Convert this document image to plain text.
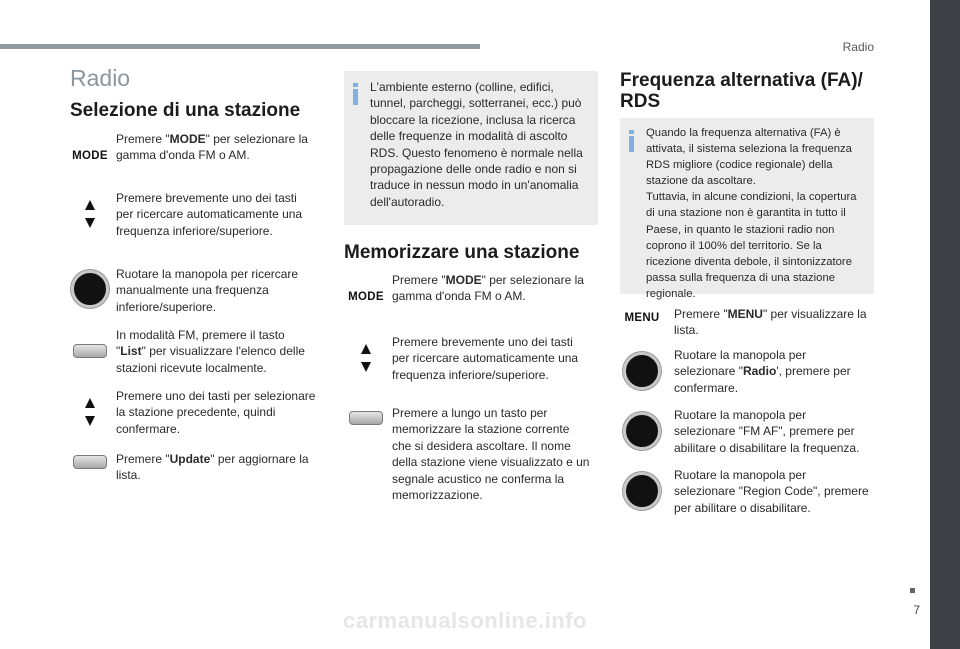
Radio
7
carmanualsonline.info
Radio
Selezione di una stazione
MODE
Premere "MODE" per selezionare la gamma d'onda FM o AM.
Premere brevemente uno dei tasti per ricercare automaticamente una frequenza inferiore/superiore.
Ruotare la manopola per ricercare manualmente una frequenza inferiore/superiore.
In modalità FM, premere il tasto "List" per visualizzare l'elenco delle stazioni ricevute localmente.
Premere uno dei tasti per selezionare la stazione precedente, quindi confermare.
Premere "Update" per aggiornare la lista.
L'ambiente esterno (colline, edifici, tunnel, parcheggi, sotterranei, ecc.) può bloccare la ricezione, inclusa la ricerca delle frequenze in modalità di ascolto RDS. Questo fenomeno è normale nella propagazione delle onde radio e non si traduce in nessun modo in un'anomalia dell'autoradio.
Memorizzare una stazione
MODE
Premere "MODE" per selezionare la gamma d'onda FM o AM.
Premere brevemente uno dei tasti per ricercare automaticamente una frequenza inferiore/superiore.
Premere a lungo un tasto per memorizzare la stazione corrente che si desidera ascoltare. Il nome della stazione viene visualizzato e un segnale acustico ne conferma la memorizzazione.
Frequenza alternativa (FA)/
RDS
Quando la frequenza alternativa (FA) è attivata, il sistema seleziona la frequenza RDS migliore (codice regionale) della stazione da ascoltare.
Tuttavia, in alcune condizioni, la copertura di una stazione non è garantita in tutto il Paese, in quanto le stazioni radio non coprono il 100% del territorio. Se la ricezione diventa debole, il sintonizzatore passa sulla frequenza di una stazione regionale.
MENU Premere "MENU" per visualizzare la lista.
Ruotare la manopola per selezionare "Radio', premere per confermare.
Ruotare la manopola per selezionare "FM AF", premere per abilitare o disabilitare la frequenza.
Ruotare la manopola per selezionare "Region Code", premere per abilitare o disabilitare.
